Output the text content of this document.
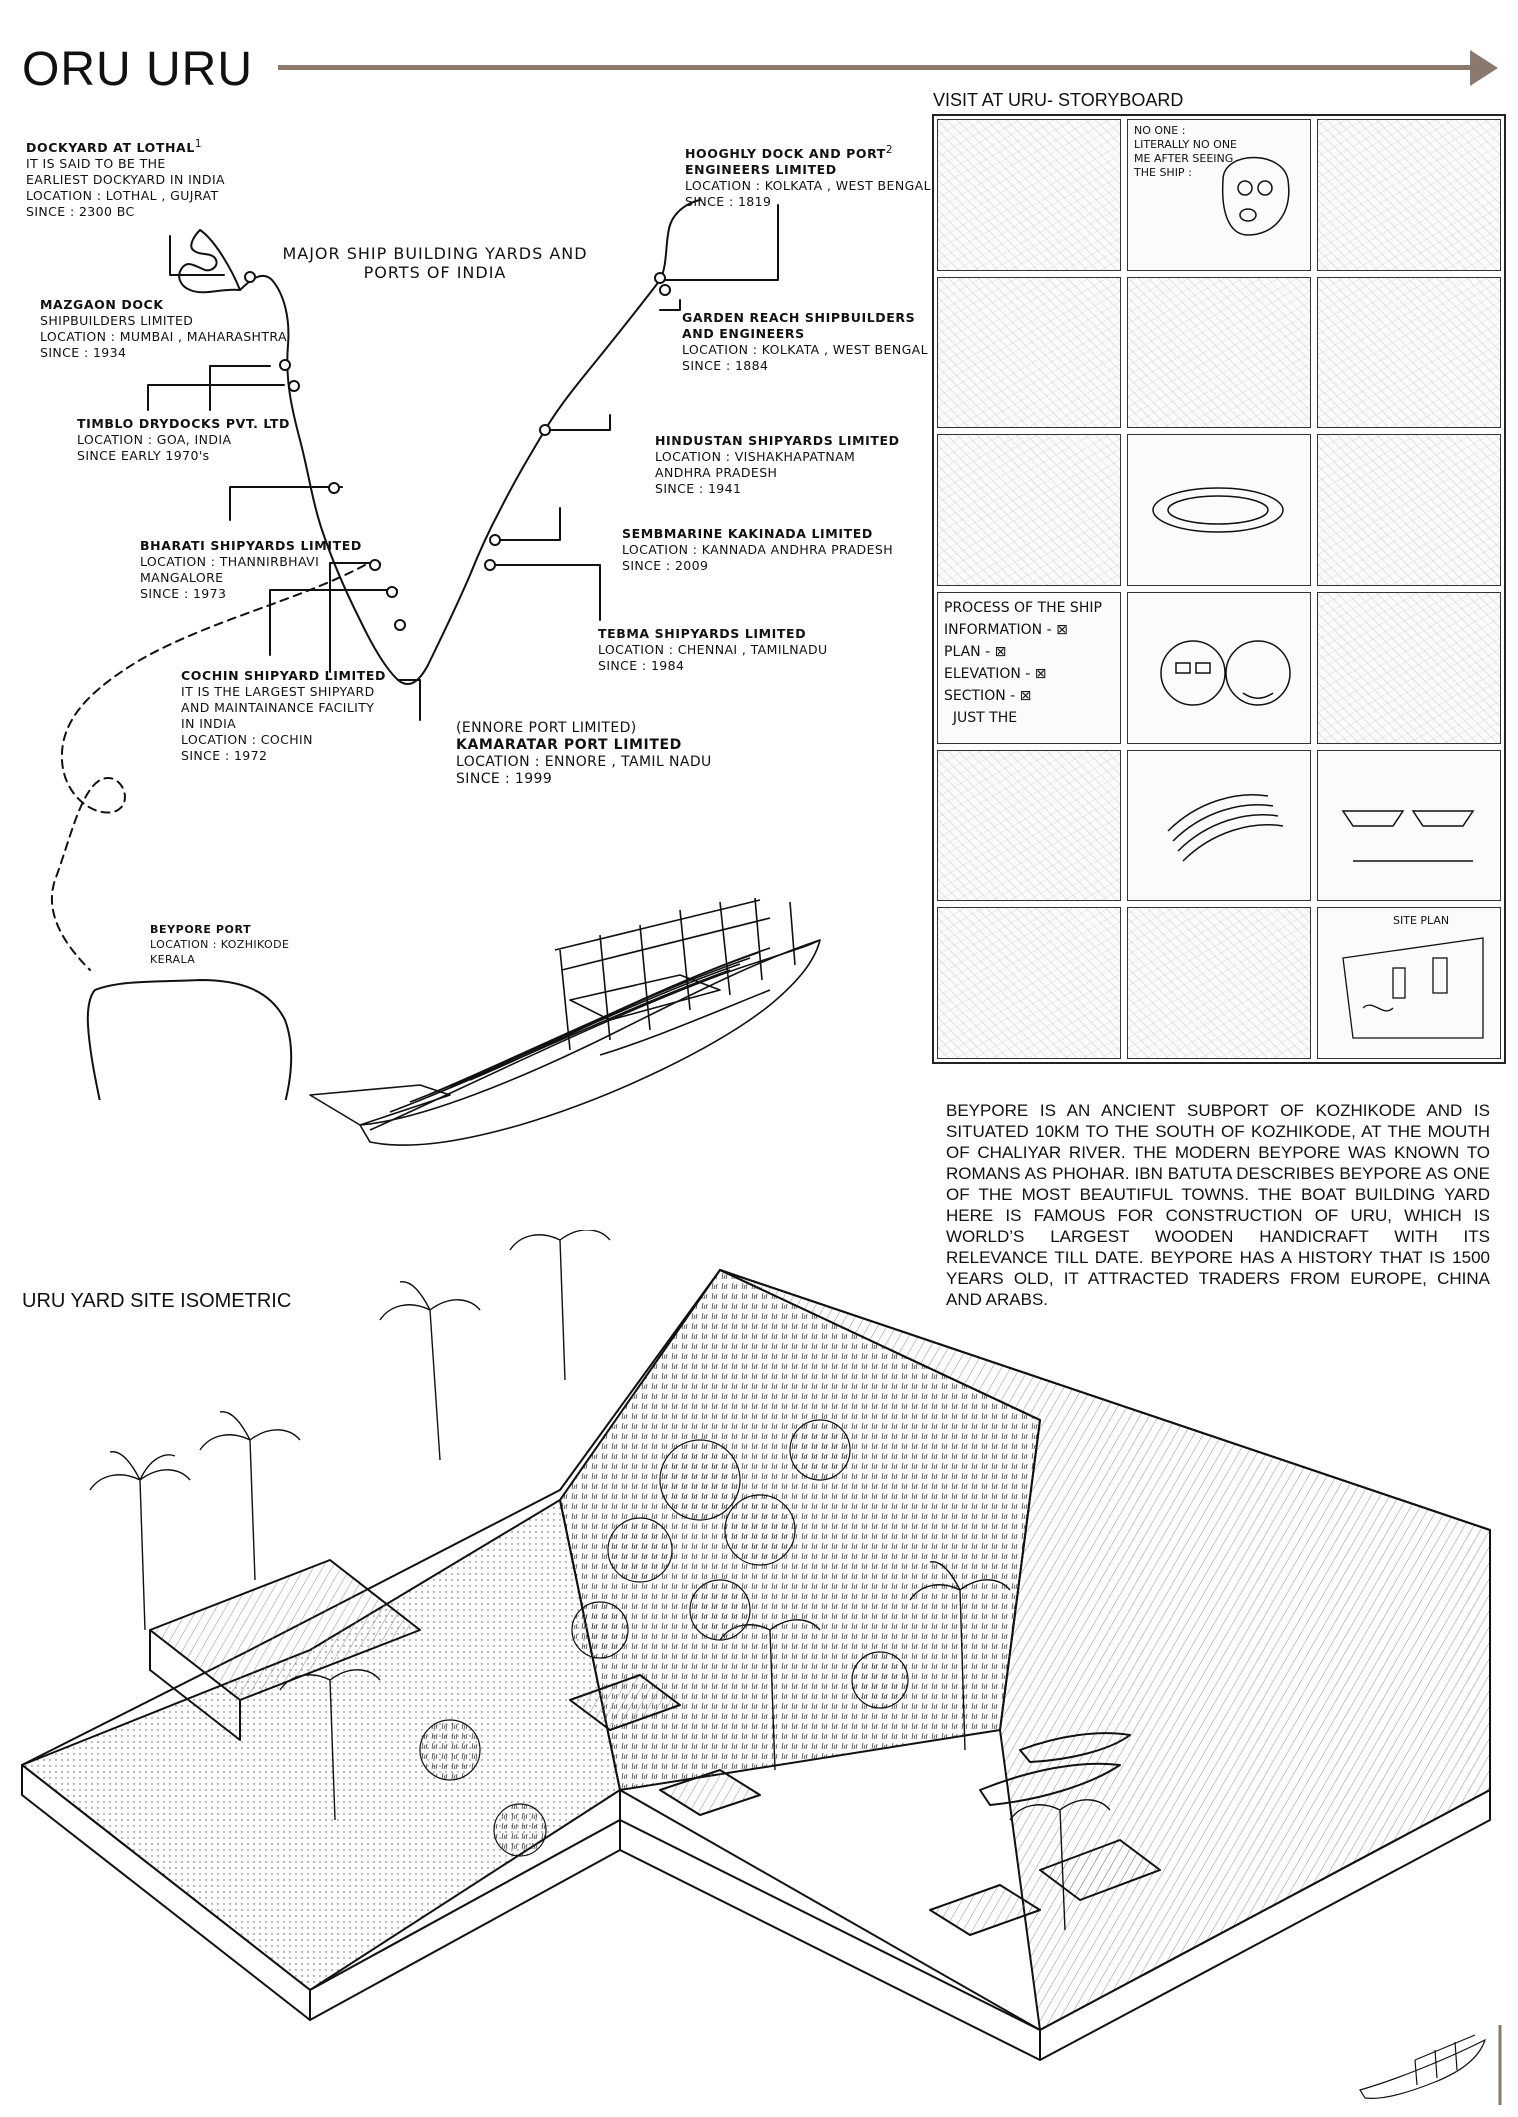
ORU URU
MAJOR SHIP BUILDING YARDS AND
PORTS OF INDIA
DOCKYARD AT LOTHAL$^1$
IT IS SAID TO BE THE
EARLIEST DOCKYARD IN INDIA
LOCATION : LOTHAL , GUJRAT
SINCE : 2300 BC
MAZGAON DOCK
SHIPBUILDERS LIMITED
LOCATION : MUMBAI , MAHARASHTRA
SINCE : 1934
TIMBLO DRYDOCKS PVT. LTD
LOCATION : GOA, INDIA
SINCE EARLY 1970's
BHARATI SHIPYARDS LIMITED
LOCATION : THANNIRBHAVI
MANGALORE
SINCE : 1973
COCHIN SHIPYARD LIMITED
IT IS THE LARGEST SHIPYARD
AND MAINTAINANCE FACILITY
IN INDIA
LOCATION : COCHIN
SINCE : 1972
HOOGHLY DOCK AND PORT$^2$
ENGINEERS LIMITED
LOCATION : KOLKATA , WEST BENGAL
SINCE : 1819
GARDEN REACH SHIPBUILDERS
AND ENGINEERS
LOCATION : KOLKATA , WEST BENGAL
SINCE : 1884
HINDUSTAN SHIPYARDS LIMITED
LOCATION : VISHAKHAPATNAM
ANDHRA PRADESH
SINCE : 1941
SEMBMARINE KAKINADA LIMITED
LOCATION : KANNADA ANDHRA PRADESH
SINCE : 2009
TEBMA SHIPYARDS LIMITED
LOCATION : CHENNAI , TAMILNADU
SINCE : 1984
(ENNORE PORT LIMITED)
KAMARATAR PORT LIMITED
LOCATION : ENNORE , TAMIL NADU
SINCE : 1999
BEYPORE PORT
LOCATION : KOZHIKODE
KERALA
VISIT AT URU- STORYBOARD
NO ONE :
LITERALLY NO ONE
ME AFTER SEEING
THE SHIP :
PROCESS OF THE SHIP
INFORMATION - ⊠
PLAN - ⊠
ELEVATION - ⊠
SECTION - ⊠
JUST THE
SITE PLAN
BEYPORE IS AN ANCIENT SUBPORT OF KOZHIKODE AND IS SITUATED 10KM TO THE SOUTH OF KOZHIKODE, AT THE MOUTH OF CHALIYAR RIVER. THE MODERN BEYPORE WAS KNOWN TO ROMANS AS PHOHAR. IBN BATUTA DESCRIBES BEYPORE AS ONE OF THE MOST BEAUTIFUL TOWNS. THE BOAT BUILDING YARD HERE IS FAMOUS FOR CONSTRUCTION OF URU, WHICH IS WORLD’S LARGEST WOODEN HANDICRAFT WITH ITS RELEVANCE TILL DATE. BEYPORE HAS A HISTORY THAT IS 1500 YEARS OLD, IT ATTRACTED TRADERS FROM EUROPE, CHINA AND ARABS.
URU YARD SITE ISOMETRIC
